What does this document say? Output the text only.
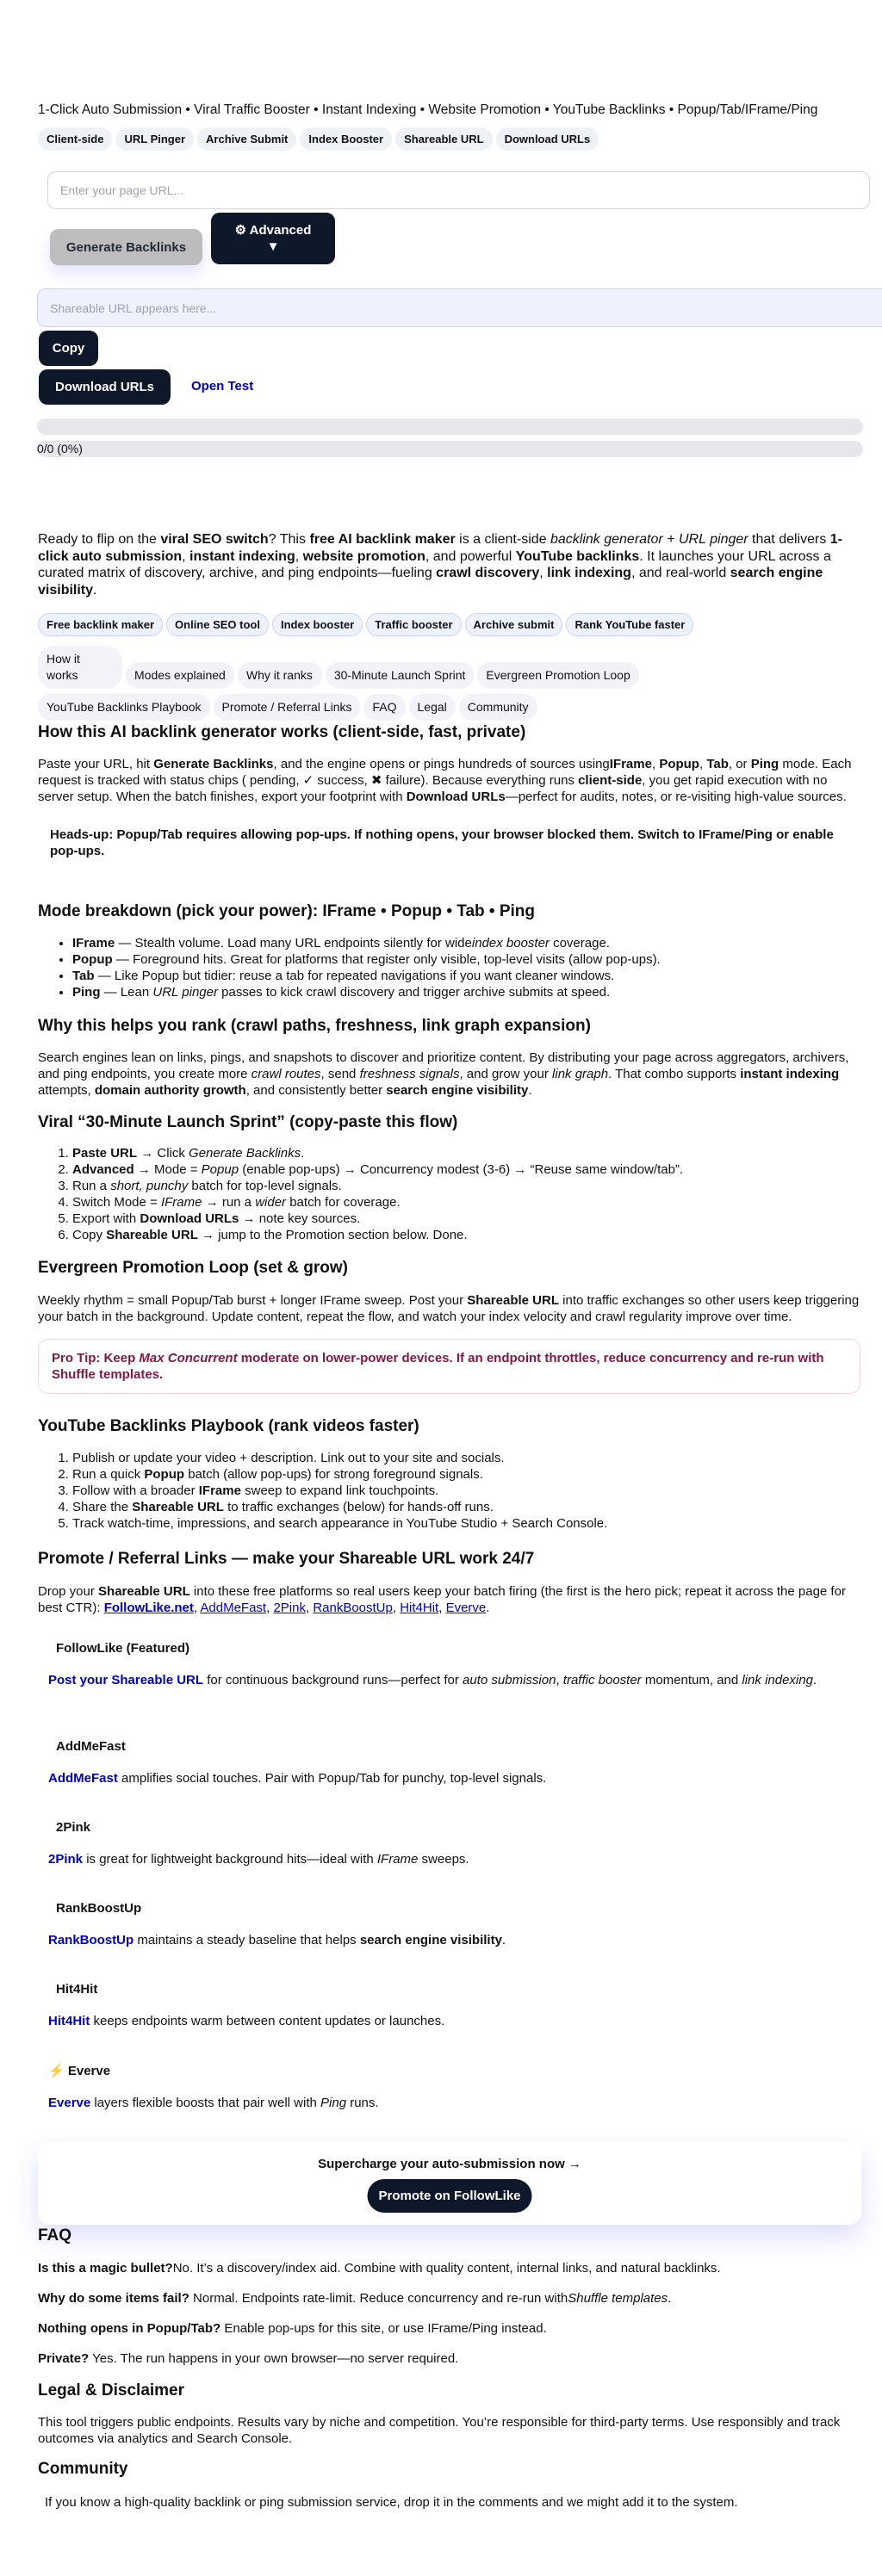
1-Click Auto Submission • Viral Traffic Booster • Instant Indexing • Website Promotion • YouTube Backlinks • Popup/Tab/IFrame/Ping
Client-side	URL Pinger	Archive Submit	Index Booster	Shareable URL	Download URLs
Enter your page URL...
Generate Backlinks
⚙ Advanced
▼
Shareable URL appears here...
Copy
Download URLs	Open Test
0/0 (0%)
Ready to flip on the viral SEO switch? This free AI backlink maker is a client-side backlink generator + URL pinger that delivers 1-click auto submission, instant indexing, website promotion, and powerful YouTube backlinks. It launches your URL across a curated matrix of discovery, archive, and ping endpoints—fueling crawl discovery, link indexing, and real-world search engine visibility.
Free backlink maker	Online SEO tool	Index booster	Traffic booster	Archive submit	Rank YouTube faster
How it works	Modes explained	Why it ranks	30-Minute Launch Sprint	Evergreen Promotion Loop
YouTube Backlinks Playbook	Promote / Referral Links	FAQ	Legal	Community
How this AI backlink generator works (client-side, fast, private)

Paste your URL, hit Generate Backlinks, and the engine opens or pings hundreds of sources usingIFrame, Popup, Tab, or Ping mode. Each request is tracked with status chips ( pending, ✓ success, ✖ failure). Because everything runs client-side, you get rapid execution with no server setup. When the batch finishes, export your footprint with Download URLs—perfect for audits, notes, or re-visiting high-value sources.

Heads-up: Popup/Tab requires allowing pop-ups. If nothing opens, your browser blocked them. Switch to IFrame/Ping or enable pop-ups.
Mode breakdown (pick your power): IFrame • Popup • Tab • Ping
• IFrame — Stealth volume. Load many URL endpoints silently for wideindex booster coverage.
• Popup — Foreground hits. Great for platforms that register only visible, top-level visits (allow pop-ups).
• Tab — Like Popup but tidier: reuse a tab for repeated navigations if you want cleaner windows.
• Ping — Lean URL pinger passes to kick crawl discovery and trigger archive submits at speed.
Why this helps you rank (crawl paths, freshness, link graph expansion)

Search engines lean on links, pings, and snapshots to discover and prioritize content. By distributing your page across aggregators, archivers, and ping endpoints, you create more crawl routes, send freshness signals, and grow your link graph. That combo supports instant indexing attempts, domain authority growth, and consistently better search engine visibility.

Viral “30-Minute Launch Sprint” (copy-paste this flow)
1. Paste URL → Click Generate Backlinks.
2. Advanced → Mode = Popup (enable pop-ups) → Concurrency modest (3-6) → “Reuse same window/tab”.
3. Run a short, punchy batch for top-level signals.
4. Switch Mode = IFrame → run a wider batch for coverage.
5. Export with Download URLs → note key sources.
6. Copy Shareable URL → jump to the Promotion section below. Done.
Evergreen Promotion Loop (set & grow)

Weekly rhythm = small Popup/Tab burst + longer IFrame sweep. Post your Shareable URL into traffic exchanges so other users keep triggering your batch in the background. Update content, repeat the flow, and watch your index velocity and crawl regularity improve over time.

Pro Tip: Keep Max Concurrent moderate on lower-power devices. If an endpoint throttles, reduce concurrency and re-run with Shuffle templates.
YouTube Backlinks Playbook (rank videos faster)
1. Publish or update your video + description. Link out to your site and socials.
2. Run a quick Popup batch (allow pop-ups) for strong foreground signals.
3. Follow with a broader IFrame sweep to expand link touchpoints.
4. Share the Shareable URL to traffic exchanges (below) for hands-off runs.
5. Track watch-time, impressions, and search appearance in YouTube Studio + Search Console.
Promote / Referral Links — make your Shareable URL work 24/7

Drop your Shareable URL into these free platforms so real users keep your batch firing (the first is the hero pick; repeat it across the page for best CTR): FollowLike.net, AddMeFast, 2Pink, RankBoostUp, Hit4Hit, Everve.

FollowLike (Featured)

Post your Shareable URL for continuous background runs—perfect for auto submission, traffic booster momentum, and link indexing.

AddMeFast

AddMeFast amplifies social touches. Pair with Popup/Tab for punchy, top-level signals.

2Pink

2Pink is great for lightweight background hits—ideal with IFrame sweeps.

RankBoostUp

RankBoostUp maintains a steady baseline that helps search engine visibility.

Hit4Hit

Hit4Hit keeps endpoints warm between content updates or launches.

⚡ Everve

Everve layers flexible boosts that pair well with Ping runs.

Supercharge your auto-submission now →
Promote on FollowLike
FAQ
Is this a magic bullet?No. It’s a discovery/index aid. Combine with quality content, internal links, and natural backlinks.
Why do some items fail? Normal. Endpoints rate-limit. Reduce concurrency and re-run withShuffle templates.
Nothing opens in Popup/Tab? Enable pop-ups for this site, or use IFrame/Ping instead.
Private? Yes. The run happens in your own browser—no server required.
Legal & Disclaimer

This tool triggers public endpoints. Results vary by niche and competition. You’re responsible for third-party terms. Use responsibly and track outcomes via analytics and Search Console.

Community

If you know a high-quality backlink or ping submission service, drop it in the comments and we might add it to the system.
